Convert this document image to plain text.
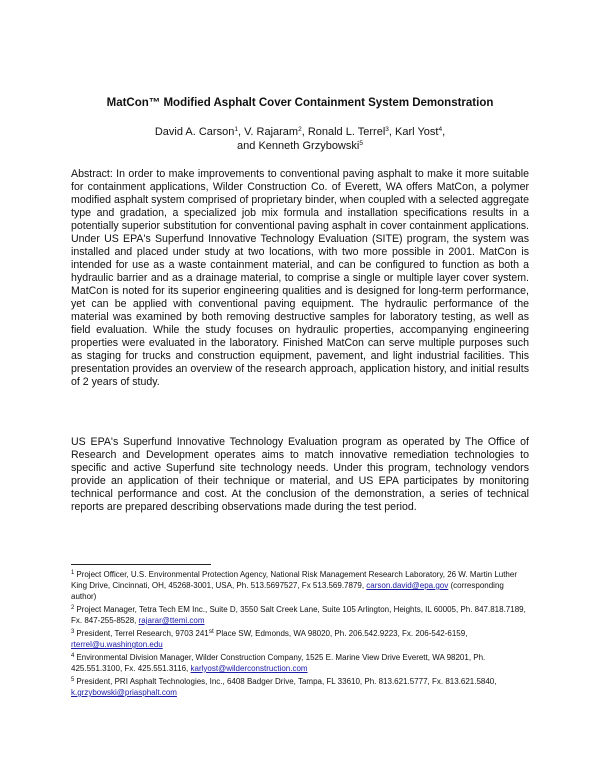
MatCon™ Modified Asphalt Cover Containment System Demonstration
David A. Carson$^1$, V. Rajaram$^2$, Ronald L. Terrel$^3$, Karl Yost$^4$,
and Kenneth Grzybowski$^5$

Abstract: In order to make improvements to conventional paving asphalt to make it more suitable for containment applications, Wilder Construction Co. of Everett, WA offers MatCon, a polymer modified asphalt system comprised of proprietary binder, when coupled with a selected aggregate type and gradation, a specialized job mix formula and installation specifications results in a potentially superior substitution for conventional paving asphalt in cover containment applications. Under US EPA's Superfund Innovative Technology Evaluation (SITE) program, the system was installed and placed under study at two locations, with two more possible in 2001. MatCon is intended for use as a waste containment material, and can be configured to function as both a hydraulic barrier and as a drainage material, to comprise a single or multiple layer cover system. MatCon is noted for its superior engineering qualities and is designed for long-term performance, yet can be applied with conventional paving equipment. The hydraulic performance of the material was examined by both removing destructive samples for laboratory testing, as well as field evaluation. While the study focuses on hydraulic properties, accompanying engineering properties were evaluated in the laboratory. Finished MatCon can serve multiple purposes such as staging for trucks and construction equipment, pavement, and light industrial facilities. This presentation provides an overview of the research approach, application history, and initial results of 2 years of study.

US EPA's Superfund Innovative Technology Evaluation program as operated by The Office of Research and Development operates aims to match innovative remediation technologies to specific and active Superfund site technology needs. Under this program, technology vendors provide an application of their technique or material, and US EPA participates by monitoring technical performance and cost. At the conclusion of the demonstration, a series of technical reports are prepared describing observations made during the test period.

$^1$ Project Officer, U.S. Environmental Protection Agency, National Risk Management Research Laboratory, 26 W. Martin Luther King Drive, Cincinnati, OH, 45268-3001, USA, Ph. 513.5697527, Fx 513.569.7879, carson.david@epa.gov (corresponding author)

$^2$ Project Manager, Tetra Tech EM Inc., Suite D, 3550 Salt Creek Lane, Suite 105 Arlington, Heights, IL 60005, Ph. 847.818.7189, Fx. 847-255-8528, rajarar@ttemi.com

$^3$ President, Terrel Research, 9703 241st Place SW, Edmonds, WA 98020, Ph. 206.542.9223, Fx. 206-542-6159, rterrel@u.washington.edu

$^4$ Environmental Division Manager, Wilder Construction Company, 1525 E. Marine View Drive Everett, WA 98201, Ph. 425.551.3100, Fx. 425.551.3116, karlyost@wilderconstruction.com

$^5$ President, PRI Asphalt Technologies, Inc., 6408 Badger Drive, Tampa, FL 33610, Ph. 813.621.5777, Fx. 813.621.5840, k.grzybowski@priasphalt.com
